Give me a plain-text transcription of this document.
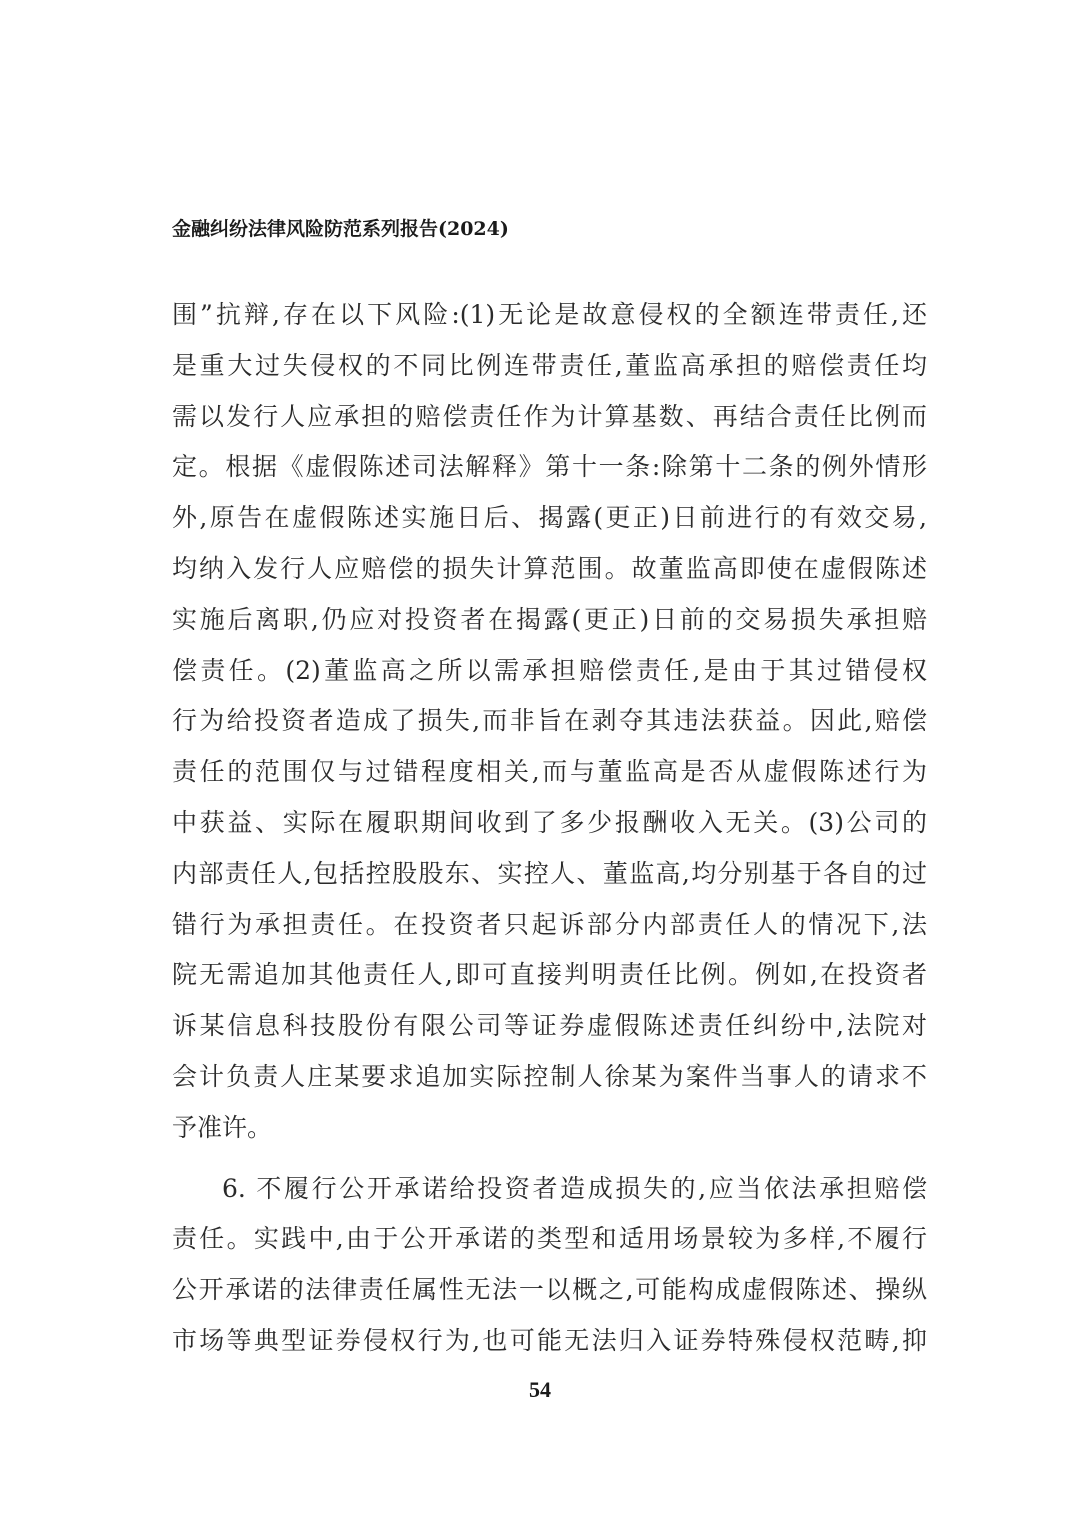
金融纠纷法律风险防范系列报告(2024)
围”抗辩,存在以下风险:(1)无论是故意侵权的全额连带责任,还
是重大过失侵权的不同比例连带责任,董监高承担的赔偿责任均
需以发行人应承担的赔偿责任作为计算基数、再结合责任比例而
定。根据《虚假陈述司法解释》第十一条:除第十二条的例外情形
外,原告在虚假陈述实施日后、揭露(更正)日前进行的有效交易,
均纳入发行人应赔偿的损失计算范围。故董监高即使在虚假陈述
实施后离职,仍应对投资者在揭露(更正)日前的交易损失承担赔
偿责任。(2)董监高之所以需承担赔偿责任,是由于其过错侵权
行为给投资者造成了损失,而非旨在剥夺其违法获益。因此,赔偿
责任的范围仅与过错程度相关,而与董监高是否从虚假陈述行为
中获益、实际在履职期间收到了多少报酬收入无关。(3)公司的
内部责任人,包括控股股东、实控人、董监高,均分别基于各自的过
错行为承担责任。在投资者只起诉部分内部责任人的情况下,法
院无需追加其他责任人,即可直接判明责任比例。例如,在投资者
诉某信息科技股份有限公司等证券虚假陈述责任纠纷中,法院对
会计负责人庄某要求追加实际控制人徐某为案件当事人的请求不
予准许。
6. 不履行公开承诺给投资者造成损失的,应当依法承担赔偿
责任。实践中,由于公开承诺的类型和适用场景较为多样,不履行
公开承诺的法律责任属性无法一以概之,可能构成虚假陈述、操纵
市场等典型证券侵权行为,也可能无法归入证券特殊侵权范畴,抑
54
